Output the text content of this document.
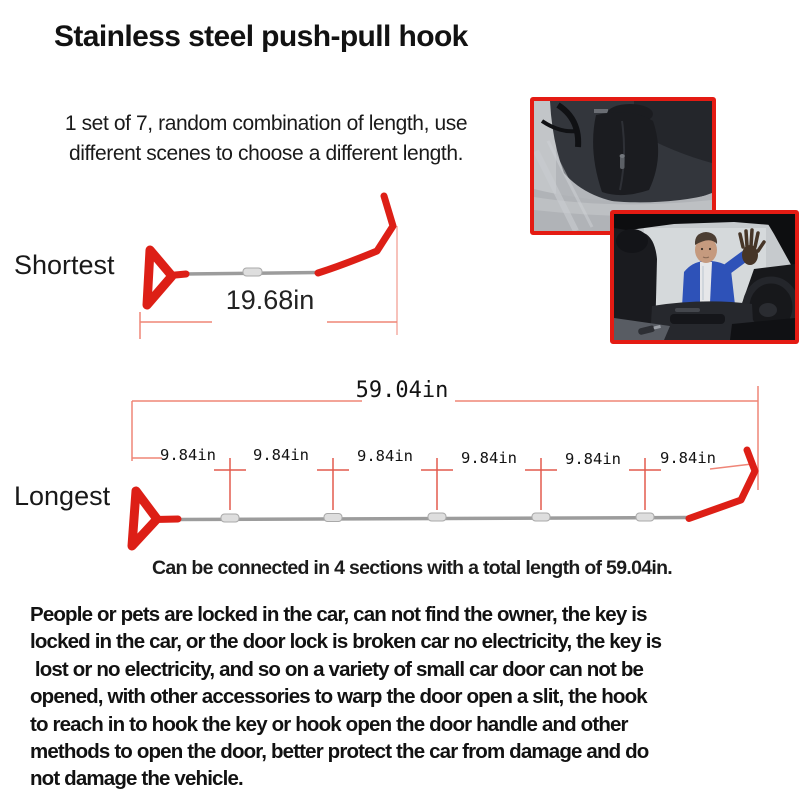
Stainless steel push-pull hook
1 set of 7, random combination of length, use
different scenes to choose a different length.
Shortest
19.68in
59.04in
9.84in	9.84in	9.84in	9.84in	9.84in	9.84in
Longest
Can be connected in 4 sections with a total length of 59.04in.
People or pets are locked in the car, can not find the owner, the key is
locked in the car, or the door lock is broken car no electricity, the key is
lost or no electricity, and so on a variety of small car door can not be
opened, with other accessories to warp the door open a slit, the hook
to reach in to hook the key or hook open the door handle and other
methods to open the door, better protect the car from damage and do
not damage the vehicle.
